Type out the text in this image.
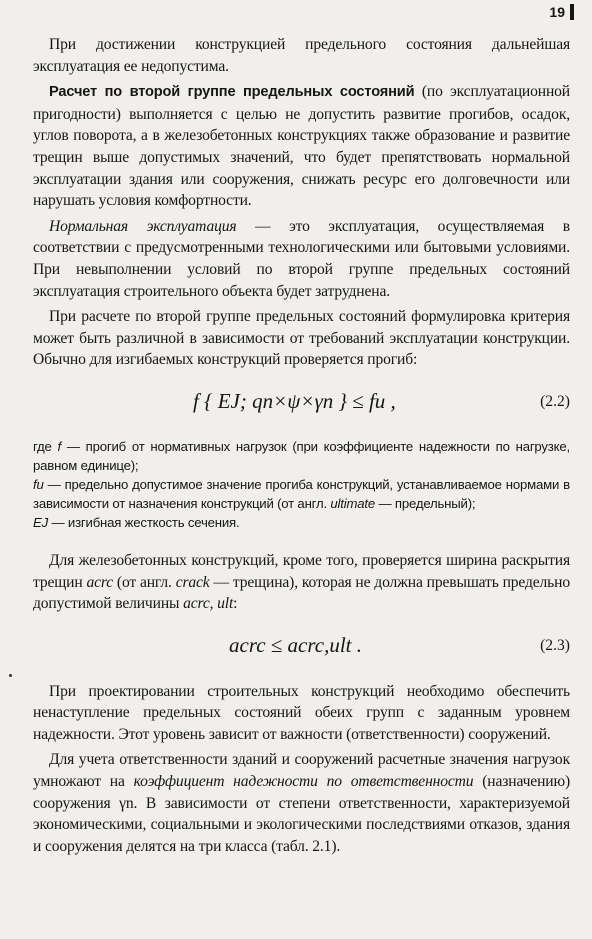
19

При достижении конструкцией предельного состояния дальнейшая эксплуатация ее недопустима.

Расчет по второй группе предельных состояний (по эксплуатационной пригодности) выполняется с целью не допустить развитие прогибов, осадок, углов поворота, а в железобетонных конструкциях также образование и развитие трещин выше допустимых значений, что будет препятствовать нормальной эксплуатации здания или сооружения, снижать ресурс его долговечности или нарушать условия комфортности.

Нормальная эксплуатация — это эксплуатация, осуществляемая в соответствии с предусмотренными технологическими или бытовыми условиями. При невыполнении условий по второй группе предельных состояний эксплуатация строительного объекта будет затруднена.

При расчете по второй группе предельных состояний формулировка критерия может быть различной в зависимости от требований эксплуатации конструкции. Обычно для изгибаемых конструкций проверяется прогиб:

f { EJ; qn×ψ×γn } ≤ fu ,	(2.2)
где f — прогиб от нормативных нагрузок (при коэффициенте надежности по нагрузке, равном единице);
fu — предельно допустимое значение прогиба конструкций, устанавливаемое нормами в зависимости от назначения конструкций (от англ. ultimate — предельный);
EJ — изгибная жесткость сечения.

Для железобетонных конструкций, кроме того, проверяется ширина раскрытия трещин acrc (от англ. crack — трещина), которая не должна превышать предельно допустимой величины acrc, ult:

acrc ≤ acrc,ult .	(2.3)

При проектировании строительных конструкций необходимо обеспечить ненаступление предельных состояний обеих групп с заданным уровнем надежности. Этот уровень зависит от важности (ответственности) сооружений.

Для учета ответственности зданий и сооружений расчетные значения нагрузок умножают на коэффициент надежности по ответственности (назначению) сооружения γn. В зависимости от степени ответственности, характеризуемой экономическими, социальными и экологическими последствиями отказов, здания и сооружения делятся на три класса (табл. 2.1).
